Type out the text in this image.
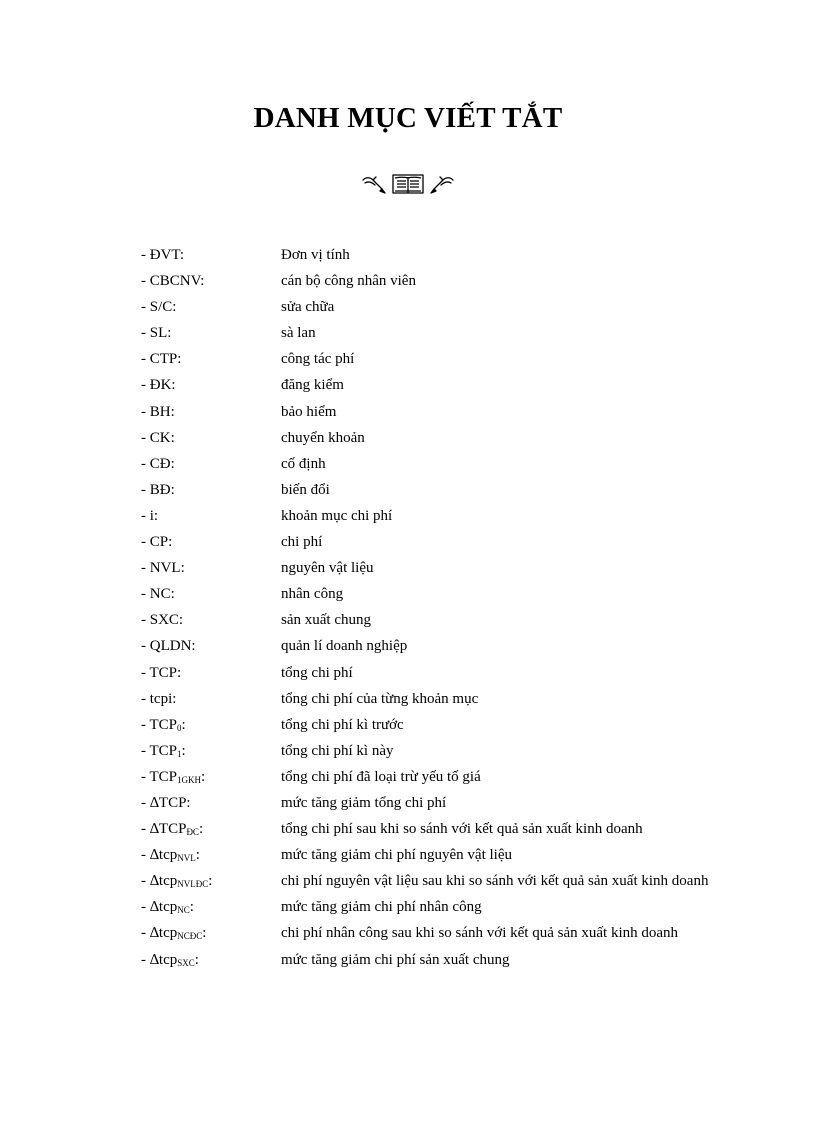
DANH MỤC VIẾT TẮT
- ĐVT:	Đơn vị tính
- CBCNV:	cán bộ công nhân viên
- S/C:	sửa chữa
- SL:	sà lan
- CTP:	công tác phí
- ĐK:	đăng kiểm
- BH:	bảo hiểm
- CK:	chuyển khoản
- CĐ:	cố định
- BĐ:	biến đổi
- i:	khoản mục chi phí
- CP:	chi phí
- NVL:	nguyên vật liệu
- NC:	nhân công
- SXC:	sản xuất chung
- QLDN:	quản lí doanh nghiệp
- TCP:	tổng chi phí
- tcpi:	tổng chi phí của từng khoản mục
- $TCP_0$:	tổng chi phí kì trước
- $TCP_1$:	tổng chi phí kì này
- $TCP_{1GKH}$:	tổng chi phí đã loại trừ yếu tố giá
- ∆TCP:	mức tăng giảm tổng chi phí
- $\Delta TCP_{ĐC}$:	tổng chi phí sau khi so sánh với kết quả sản xuất kinh doanh
- ∆tcp$_{NVL}$:	mức tăng giảm chi phí nguyên vật liệu
- ∆tcp$_{NVLĐC}$:	chi phí nguyên vật liệu sau khi so sánh với kết quả sản xuất kinh doanh
- ∆tcp$_{NC}$:	mức tăng giảm chi phí nhân công
- ∆tcp$_{NCĐC}$:	chi phí nhân công sau khi so sánh với kết quả sản xuất kinh doanh
- ∆tcp$_{SXC}$:	mức tăng giảm chi phí sản xuất chung
